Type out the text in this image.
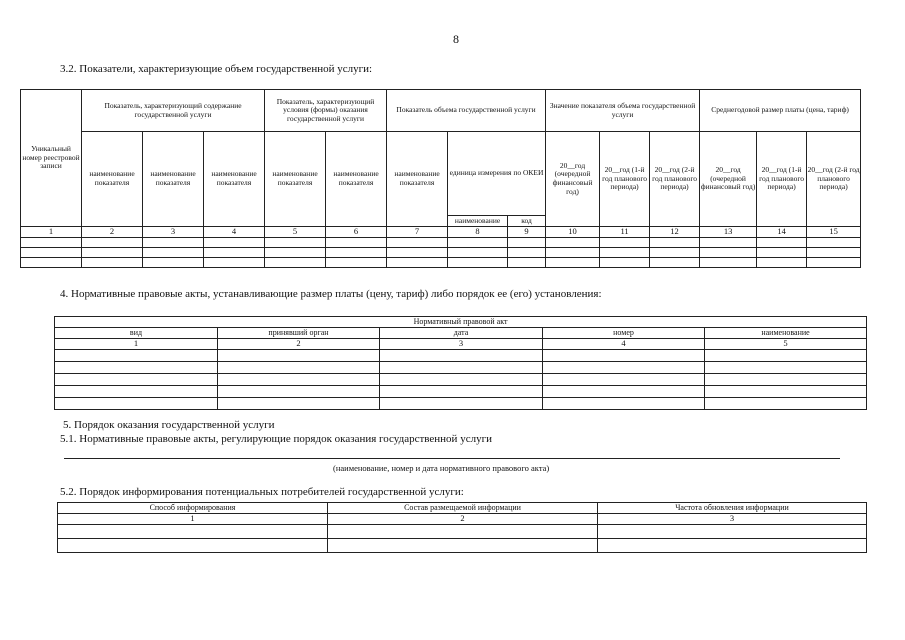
8
3.2. Показатели, характеризующие объем государственной услуги:
Уникальный номер реестровой записи	Показатель, характеризующий содержание государственной услуги			Показатель, характеризующий условия (формы) оказания государственной услуги		Показатель объема государственной услуги			Значение показателя объема государственной услуги			Среднегодовой размер платы (цена, тариф)		
	наименование показателя	наименование показателя	наименование показателя	наименование показателя	наименование показателя	наименование показателя	единица измерения по ОКЕИ		20__год (очередной финансовый год)	20__год (1-й год планового периода)	20__год (2-й год планового периода)	20__год (очередной финансовый год)	20__год (1-й год планового периода)	20__год (2-й год планового периода)
							наименование	код						
1	2	3	4	5	6	7	8	9	10	11	12	13	14	15

4. Нормативные правовые акты, устанавливающие размер платы (цену, тариф) либо порядок ее (его) установления:
Нормативный правовой акт				
вид	принявший орган	дата	номер	наименование
1	2	3	4	5

5. Порядок оказания государственной услуги
5.1. Нормативные правовые акты, регулирующие порядок оказания государственной услуги
(наименование, номер и дата нормативного правового акта)
5.2. Порядок информирования потенциальных потребителей государственной услуги:
Способ информирования	Состав размещаемой информации	Частота обновления информации
1	2	3
